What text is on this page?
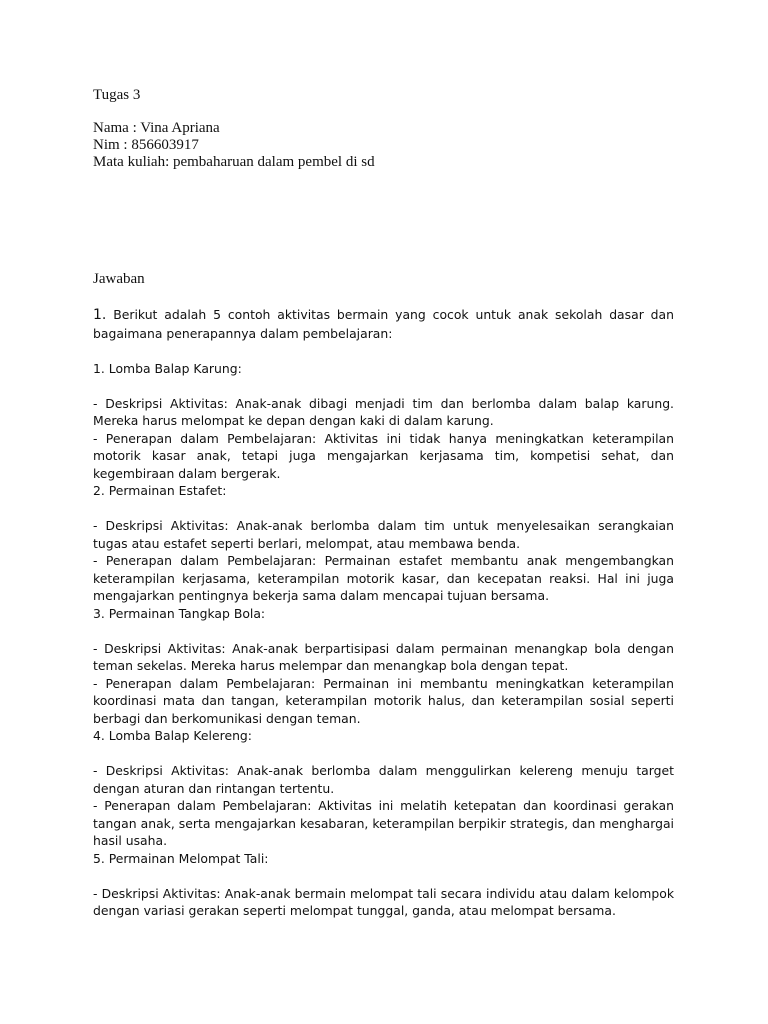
Tugas 3

Nama : Vina Apriana

Nim : 856603917

Mata kuliah: pembaharuan dalam pembel di sd

Jawaban

1. Berikut adalah 5 contoh aktivitas bermain yang cocok untuk anak sekolah dasar dan bagaimana penerapannya dalam pembelajaran:

1. Lomba Balap Karung:

- Deskripsi Aktivitas: Anak-anak dibagi menjadi tim dan berlomba dalam balap karung. Mereka harus melompat ke depan dengan kaki di dalam karung.

- Penerapan dalam Pembelajaran: Aktivitas ini tidak hanya meningkatkan keterampilan motorik kasar anak, tetapi juga mengajarkan kerjasama tim, kompetisi sehat, dan kegembiraan dalam bergerak.

2. Permainan Estafet:

- Deskripsi Aktivitas: Anak-anak berlomba dalam tim untuk menyelesaikan serangkaian tugas atau estafet seperti berlari, melompat, atau membawa benda.

- Penerapan dalam Pembelajaran: Permainan estafet membantu anak mengembangkan keterampilan kerjasama, keterampilan motorik kasar, dan kecepatan reaksi. Hal ini juga mengajarkan pentingnya bekerja sama dalam mencapai tujuan bersama.

3. Permainan Tangkap Bola:

- Deskripsi Aktivitas: Anak-anak berpartisipasi dalam permainan menangkap bola dengan teman sekelas. Mereka harus melempar dan menangkap bola dengan tepat.

- Penerapan dalam Pembelajaran: Permainan ini membantu meningkatkan keterampilan koordinasi mata dan tangan, keterampilan motorik halus, dan keterampilan sosial seperti berbagi dan berkomunikasi dengan teman.

4. Lomba Balap Kelereng:

- Deskripsi Aktivitas: Anak-anak berlomba dalam menggulirkan kelereng menuju target dengan aturan dan rintangan tertentu.

- Penerapan dalam Pembelajaran: Aktivitas ini melatih ketepatan dan koordinasi gerakan tangan anak, serta mengajarkan kesabaran, keterampilan berpikir strategis, dan menghargai hasil usaha.

5. Permainan Melompat Tali:

- Deskripsi Aktivitas: Anak-anak bermain melompat tali secara individu atau dalam kelompok dengan variasi gerakan seperti melompat tunggal, ganda, atau melompat bersama.
